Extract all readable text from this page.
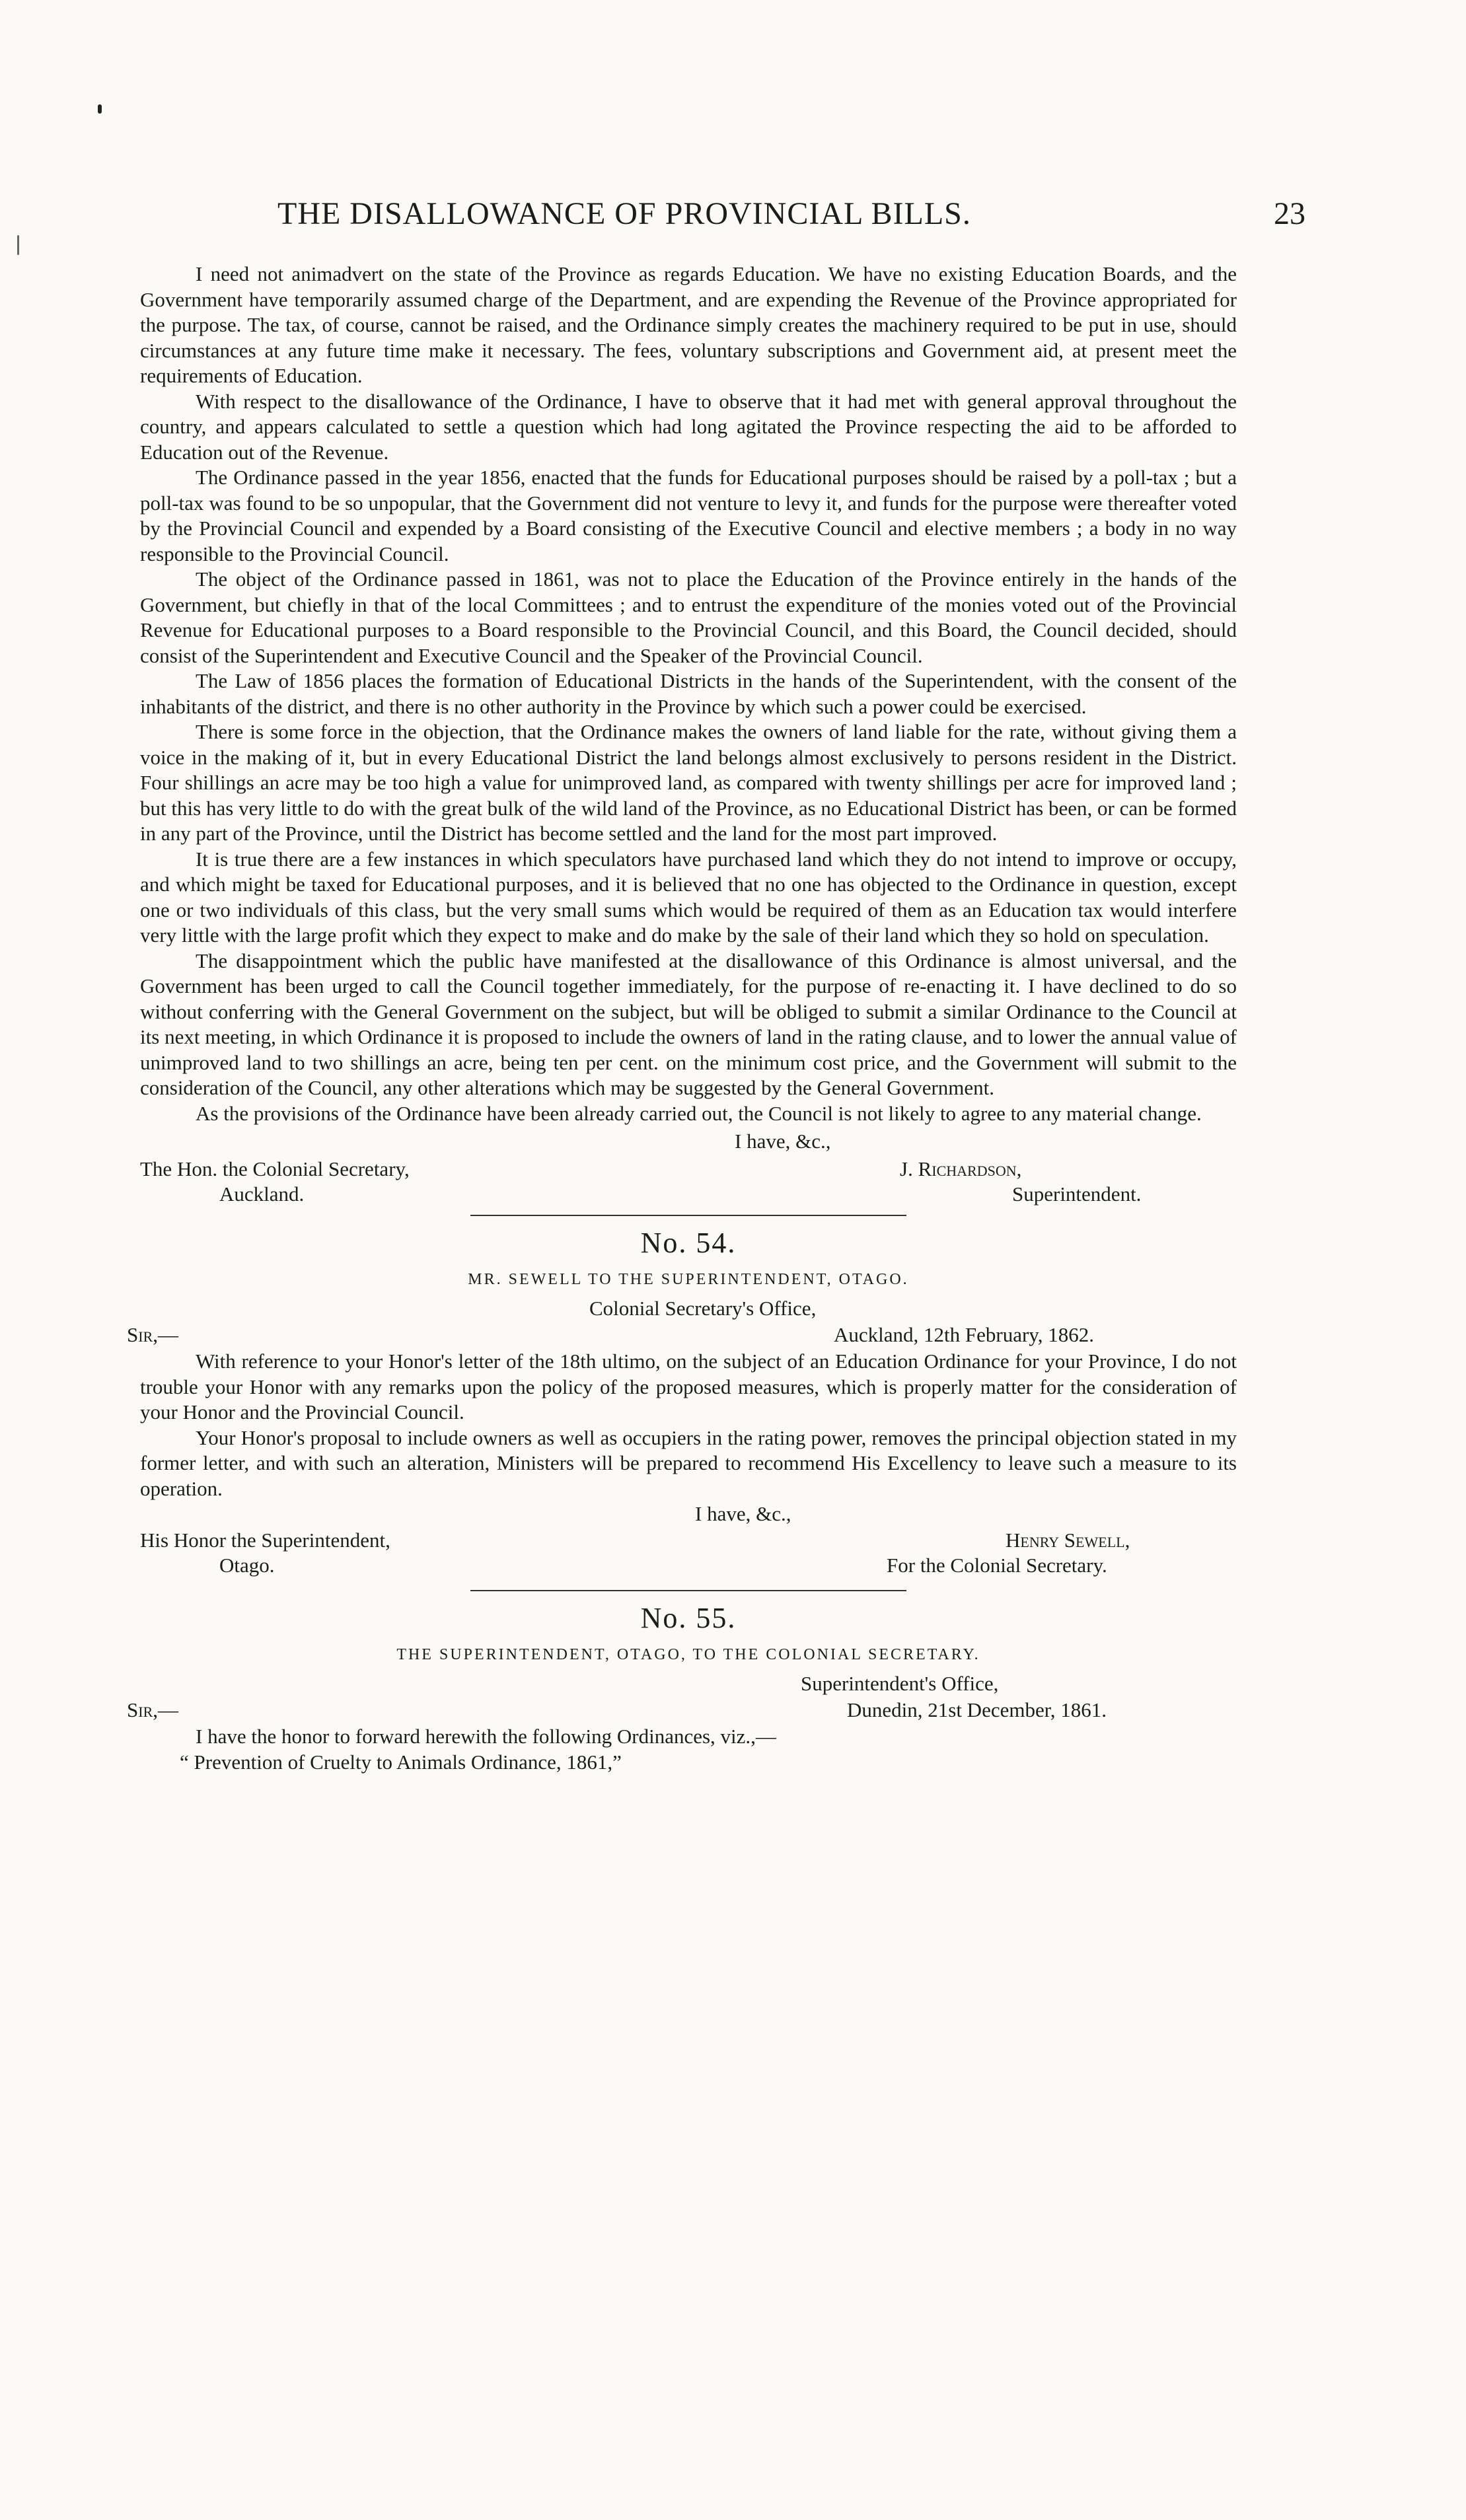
THE DISALLOWANCE OF PROVINCIAL BILLS.	23

I need not animadvert on the state of the Province as regards Education. We have no existing Education Boards, and the Government have temporarily assumed charge of the Department, and are expending the Revenue of the Province appropriated for the purpose. The tax, of course, cannot be raised, and the Ordinance simply creates the machinery required to be put in use, should circumstances at any future time make it necessary. The fees, voluntary subscriptions and Government aid, at present meet the requirements of Education.

With respect to the disallowance of the Ordinance, I have to observe that it had met with general approval throughout the country, and appears calculated to settle a question which had long agitated the Province respecting the aid to be afforded to Education out of the Revenue.

The Ordinance passed in the year 1856, enacted that the funds for Educational purposes should be raised by a poll-tax ; but a poll-tax was found to be so unpopular, that the Government did not venture to levy it, and funds for the purpose were thereafter voted by the Provincial Council and expended by a Board consisting of the Executive Council and elective members ; a body in no way responsible to the Provincial Council.

The object of the Ordinance passed in 1861, was not to place the Education of the Province entirely in the hands of the Government, but chiefly in that of the local Committees ; and to entrust the expenditure of the monies voted out of the Provincial Revenue for Educational purposes to a Board responsible to the Provincial Council, and this Board, the Council decided, should consist of the Superintendent and Executive Council and the Speaker of the Provincial Council.

The Law of 1856 places the formation of Educational Districts in the hands of the Superintendent, with the consent of the inhabitants of the district, and there is no other authority in the Province by which such a power could be exercised.

There is some force in the objection, that the Ordinance makes the owners of land liable for the rate, without giving them a voice in the making of it, but in every Educational District the land belongs almost exclusively to persons resident in the District. Four shillings an acre may be too high a value for unimproved land, as compared with twenty shillings per acre for improved land ; but this has very little to do with the great bulk of the wild land of the Province, as no Educational District has been, or can be formed in any part of the Province, until the District has become settled and the land for the most part improved.

It is true there are a few instances in which speculators have purchased land which they do not intend to improve or occupy, and which might be taxed for Educational purposes, and it is believed that no one has objected to the Ordinance in question, except one or two individuals of this class, but the very small sums which would be required of them as an Education tax would interfere very little with the large profit which they expect to make and do make by the sale of their land which they so hold on speculation.

The disappointment which the public have manifested at the disallowance of this Ordinance is almost universal, and the Government has been urged to call the Council together immediately, for the purpose of re-enacting it. I have declined to do so without conferring with the General Government on the subject, but will be obliged to submit a similar Ordinance to the Council at its next meeting, in which Ordinance it is proposed to include the owners of land in the rating clause, and to lower the annual value of unimproved land to two shillings an acre, being ten per cent. on the minimum cost price, and the Government will submit to the consideration of the Council, any other alterations which may be suggested by the General Government.

As the provisions of the Ordinance have been already carried out, the Council is not likely to agree to any material change.

I have, &c.,
The Hon. the Colonial Secretary,
Auckland.
J. Richardson,
Superintendent.
No. 54.
MR. SEWELL TO THE SUPERINTENDENT, OTAGO.
Colonial Secretary's Office,
Sir,—	Auckland, 12th February, 1862.

With reference to your Honor's letter of the 18th ultimo, on the subject of an Education Ordinance for your Province, I do not trouble your Honor with any remarks upon the policy of the proposed measures, which is properly matter for the consideration of your Honor and the Provincial Council.

Your Honor's proposal to include owners as well as occupiers in the rating power, removes the principal objection stated in my former letter, and with such an alteration, Ministers will be prepared to recommend His Excellency to leave such a measure to its operation.

I have, &c.,
His Honor the Superintendent,
Otago.
Henry Sewell,
For the Colonial Secretary.
No. 55.
THE SUPERINTENDENT, OTAGO, TO THE COLONIAL SECRETARY.
Superintendent's Office,
Sir,—	Dunedin, 21st December, 1861.

I have the honor to forward herewith the following Ordinances, viz.,—

“ Prevention of Cruelty to Animals Ordinance, 1861,”
